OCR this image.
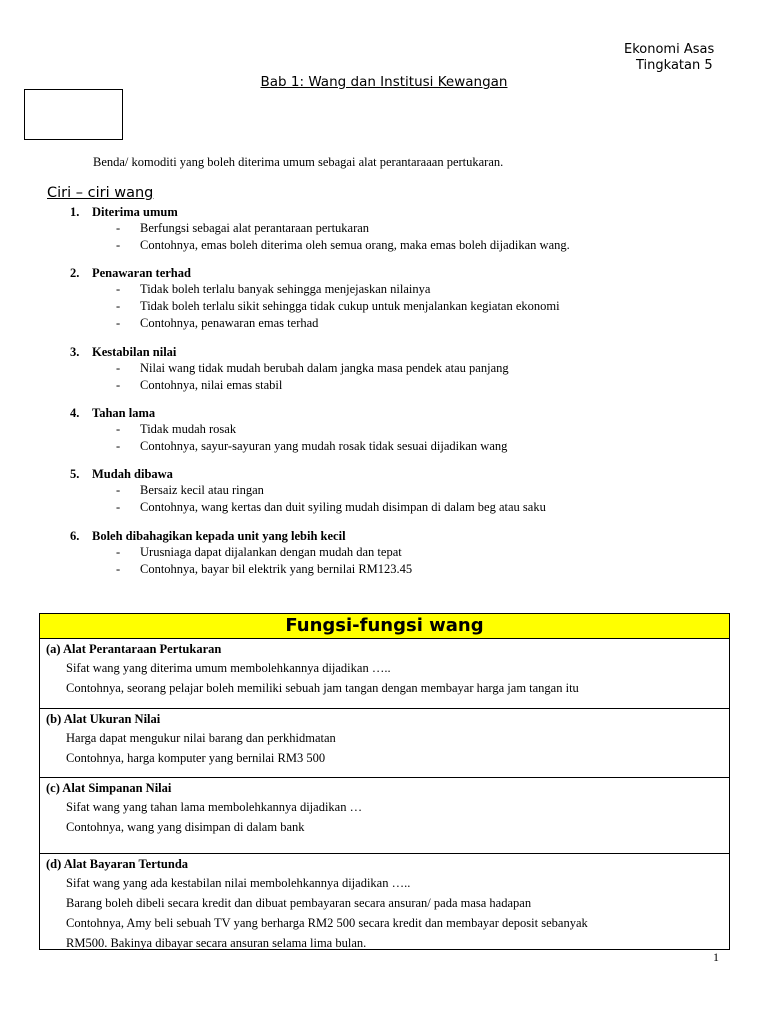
Ekonomi Asas
Tingkatan 5
Bab 1: Wang dan Institusi Kewangan
Benda/ komoditi yang boleh diterima umum sebagai alat perantaraaan pertukaran.
Ciri – ciri wang
1. Diterima umum
- Berfungsi sebagai alat perantaraan pertukaran
- Contohnya, emas boleh diterima oleh semua orang, maka emas boleh dijadikan wang.
2. Penawaran terhad
- Tidak boleh terlalu banyak sehingga menjejaskan nilainya
- Tidak boleh terlalu sikit sehingga tidak cukup untuk menjalankan kegiatan ekonomi
- Contohnya, penawaran emas terhad
3. Kestabilan nilai
- Nilai wang tidak mudah berubah dalam jangka masa pendek atau panjang
- Contohnya, nilai emas stabil
4. Tahan lama
- Tidak mudah rosak
- Contohnya, sayur-sayuran yang mudah rosak tidak sesuai dijadikan wang
5. Mudah dibawa
- Bersaiz kecil atau ringan
- Contohnya, wang kertas dan duit syiling mudah disimpan di dalam beg atau saku
6. Boleh dibahagikan kepada unit yang lebih kecil
- Urusniaga dapat dijalankan dengan mudah dan tepat
- Contohnya, bayar bil elektrik yang bernilai RM123.45
Fungsi-fungsi wang
(a) Alat Perantaraan Pertukaran
Sifat wang yang diterima umum membolehkannya dijadikan …..
Contohnya, seorang pelajar boleh memiliki sebuah jam tangan dengan membayar harga jam tangan itu
(b) Alat Ukuran Nilai
Harga dapat mengukur nilai barang dan perkhidmatan
Contohnya, harga komputer yang bernilai RM3 500
(c) Alat Simpanan Nilai
Sifat wang yang tahan lama membolehkannya dijadikan …
Contohnya, wang yang disimpan di dalam bank
(d) Alat Bayaran Tertunda
Sifat wang yang ada kestabilan nilai membolehkannya dijadikan …..
Barang boleh dibeli secara kredit dan dibuat pembayaran secara ansuran/ pada masa hadapan
Contohnya, Amy beli sebuah TV yang berharga RM2 500 secara kredit dan membayar deposit sebanyak
RM500. Bakinya dibayar secara ansuran selama lima bulan.
1
